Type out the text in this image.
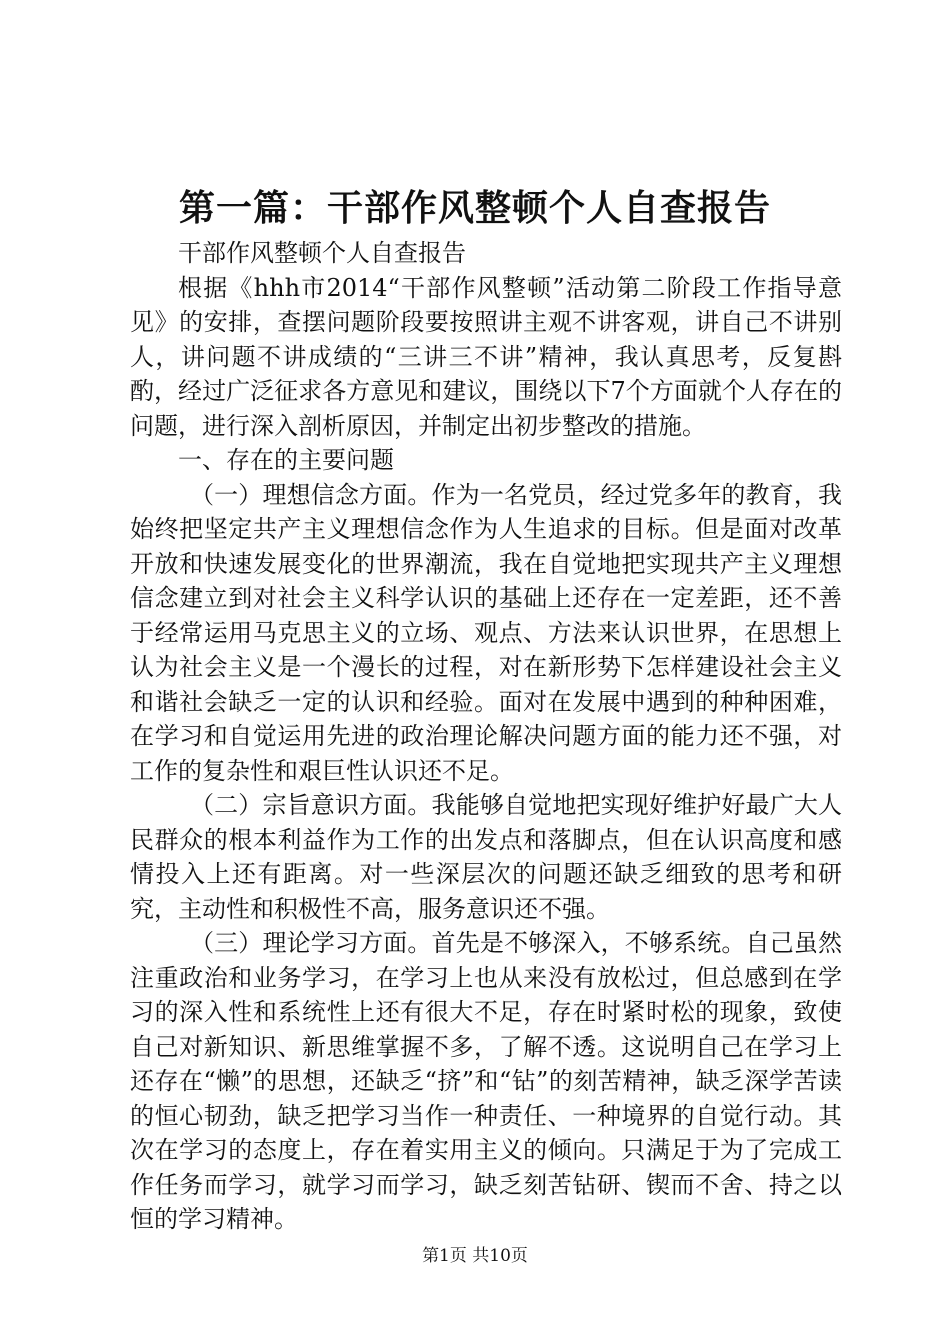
第一篇：干部作风整顿个人自查报告

干部作风整顿个人自查报告

根据《hhh市2014“干部作风整顿”活动第二阶段工作指导意见》的安排，查摆问题阶段要按照讲主观不讲客观，讲自己不讲别人，讲问题不讲成绩的“三讲三不讲”精神，我认真思考，反复斟酌，经过广泛征求各方意见和建议，围绕以下7个方面就个人存在的问题，进行深入剖析原因，并制定出初步整改的措施。

一、存在的主要问题

（一）理想信念方面。作为一名党员，经过党多年的教育，我始终把坚定共产主义理想信念作为人生追求的目标。但是面对改革开放和快速发展变化的世界潮流，我在自觉地把实现共产主义理想信念建立到对社会主义科学认识的基础上还存在一定差距，还不善于经常运用马克思主义的立场、观点、方法来认识世界，在思想上认为社会主义是一个漫长的过程，对在新形势下怎样建设社会主义和谐社会缺乏一定的认识和经验。面对在发展中遇到的种种困难，在学习和自觉运用先进的政治理论解决问题方面的能力还不强，对工作的复杂性和艰巨性认识还不足。

（二）宗旨意识方面。我能够自觉地把实现好维护好最广大人民群众的根本利益作为工作的出发点和落脚点，但在认识高度和感情投入上还有距离。对一些深层次的问题还缺乏细致的思考和研究，主动性和积极性不高，服务意识还不强。

（三）理论学习方面。首先是不够深入，不够系统。自己虽然注重政治和业务学习，在学习上也从来没有放松过，但总感到在学习的深入性和系统性上还有很大不足，存在时紧时松的现象，致使自己对新知识、新思维掌握不多，了解不透。这说明自己在学习上还存在“懒”的思想，还缺乏“挤”和“钻”的刻苦精神，缺乏深学苦读的恒心韧劲，缺乏把学习当作一种责任、一种境界的自觉行动。其次在学习的态度上，存在着实用主义的倾向。只满足于为了完成工作任务而学习，就学习而学习，缺乏刻苦钻研、锲而不舍、持之以恒的学习精神。

第1页 共10页
